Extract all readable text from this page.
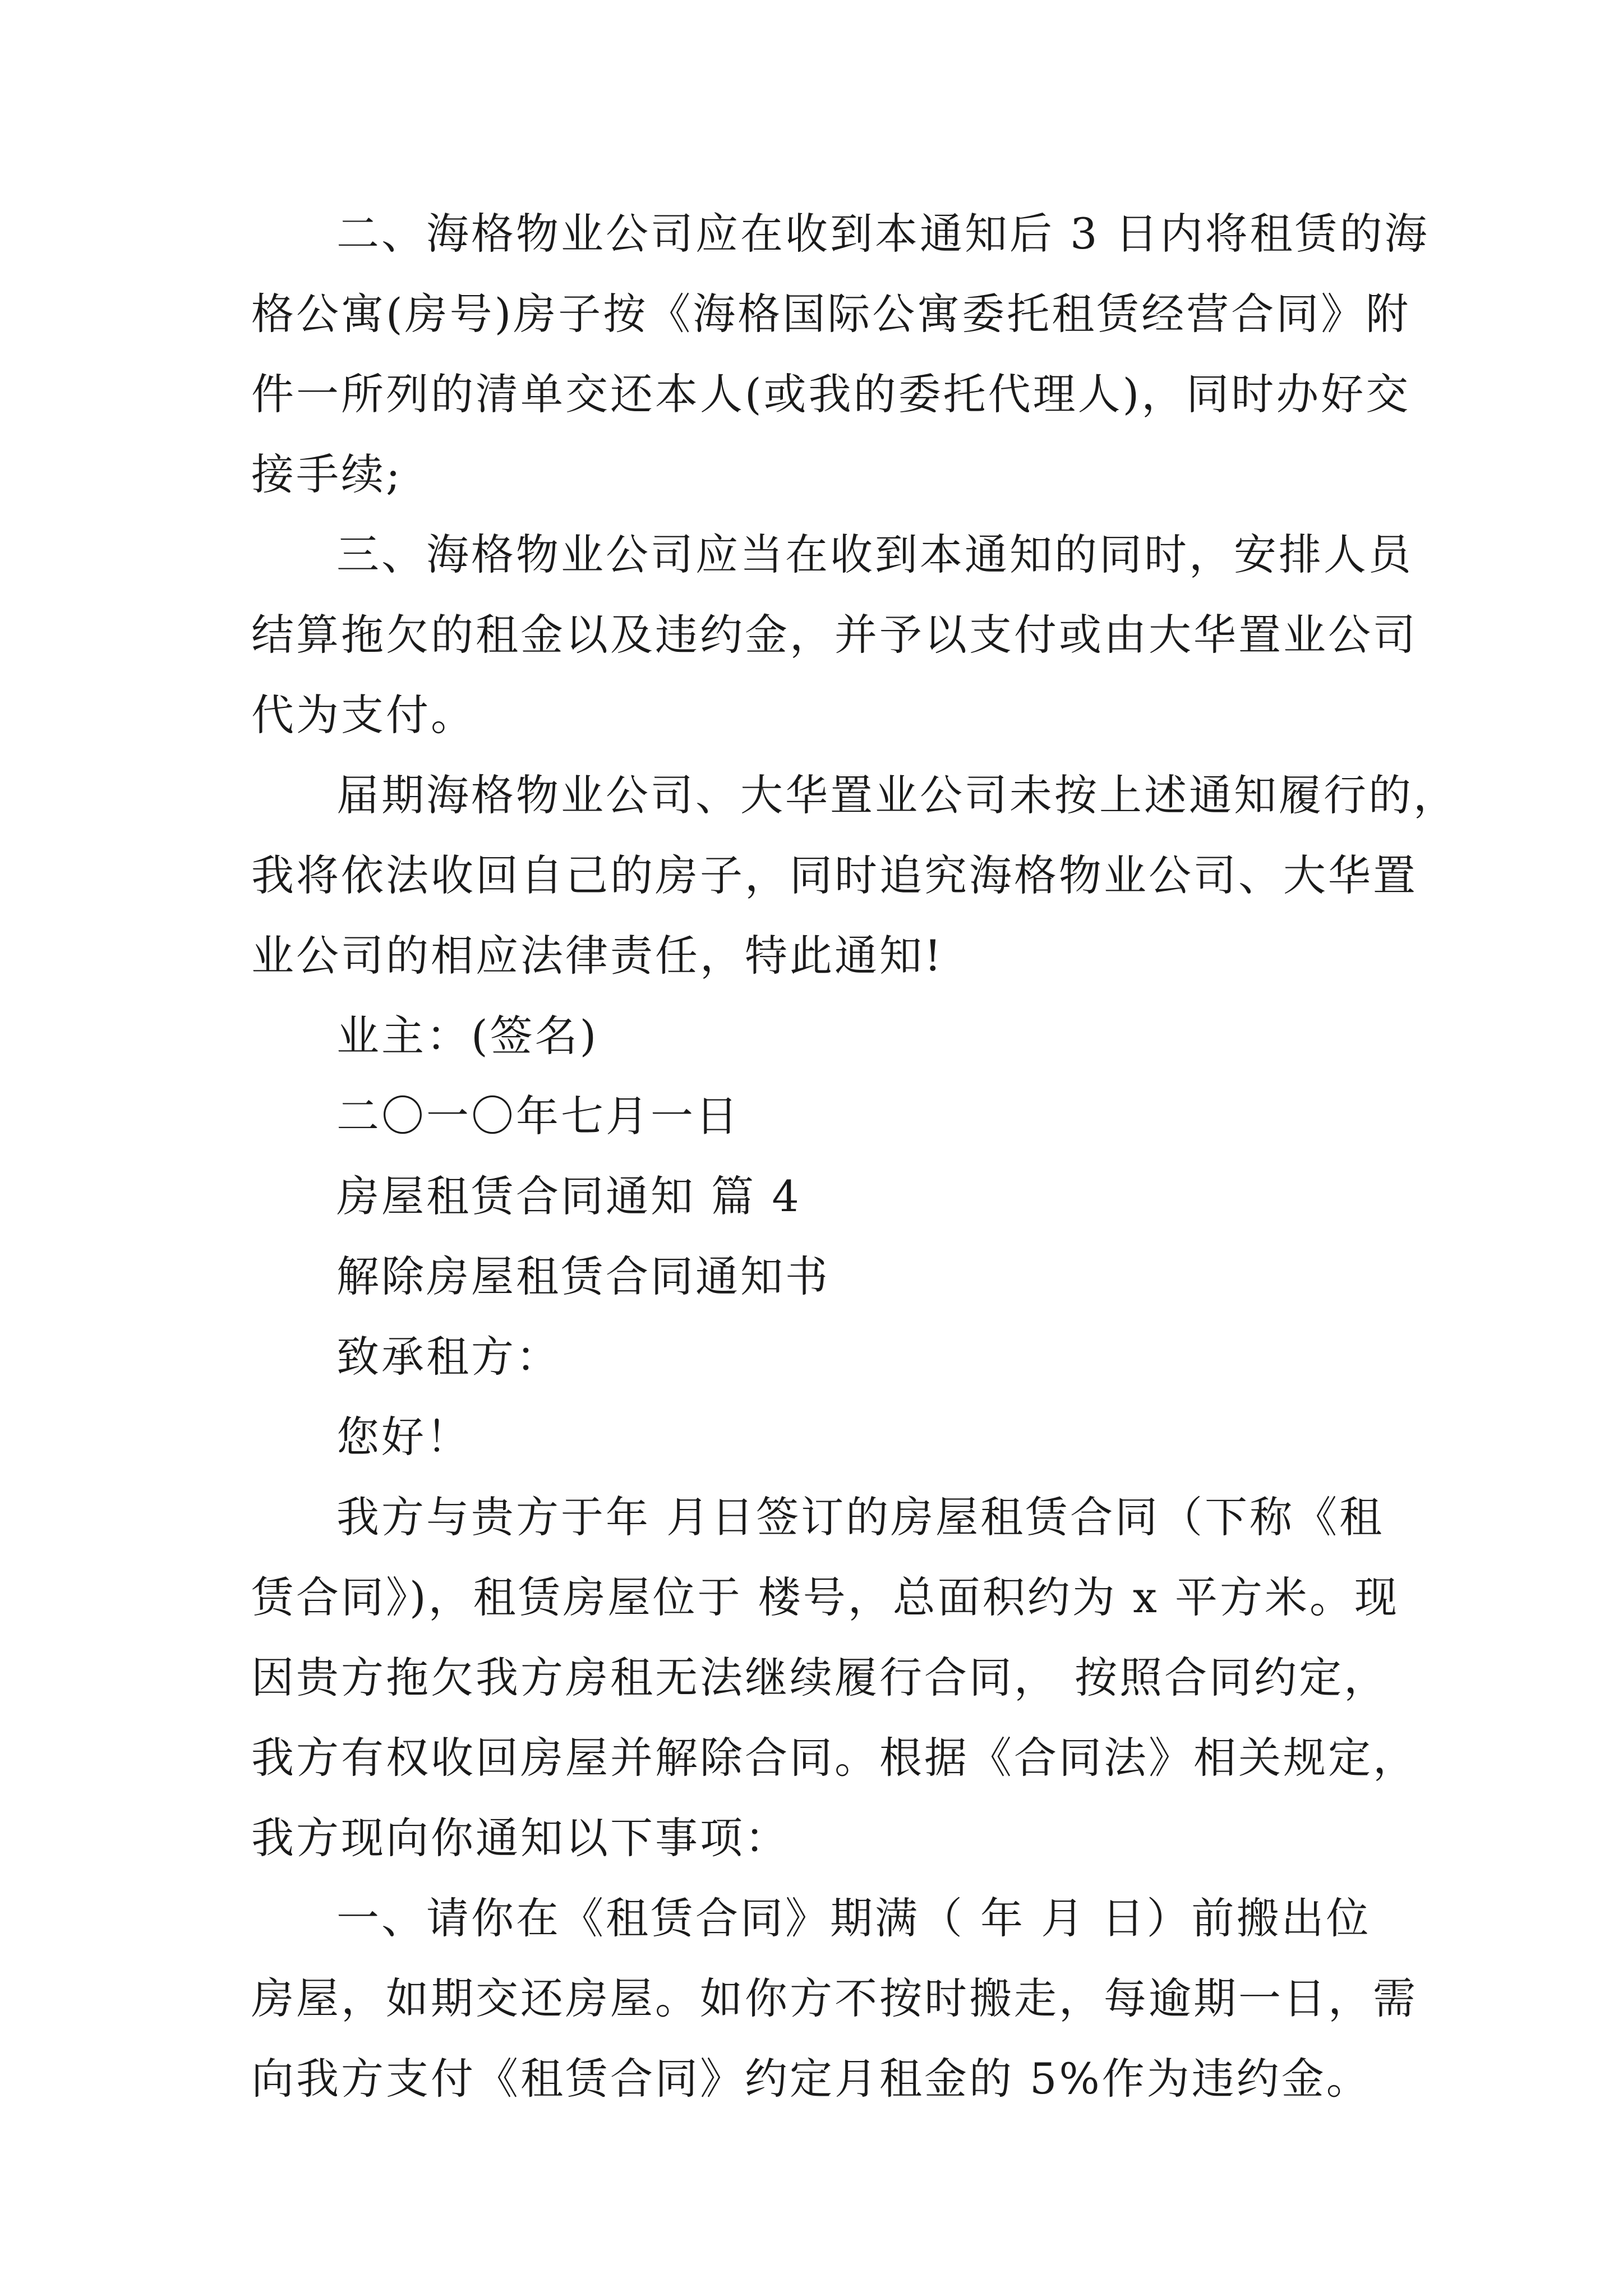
二、海格物业公司应在收到本通知后 3 日内将租赁的海

格公寓(房号)房子按《海格国际公寓委托租赁经营合同》附

件一所列的清单交还本人(或我的委托代理人)，同时办好交

接手续;

三、海格物业公司应当在收到本通知的同时，安排人员

结算拖欠的租金以及违约金，并予以支付或由大华置业公司

代为支付。

届期海格物业公司、大华置业公司未按上述通知履行的，

我将依法收回自己的房子，同时追究海格物业公司、大华置

业公司的相应法律责任，特此通知!

业主：(签名)

二〇一〇年七月一日

房屋租赁合同通知 篇 4

解除房屋租赁合同通知书

致承租方：

您好！

我方与贵方于年 月日签订的房屋租赁合同（下称《租

赁合同》)，租赁房屋位于 楼号，总面积约为 x 平方米。现

因贵方拖欠我方房租无法继续履行合同， 按照合同约定，

我方有权收回房屋并解除合同。根据《合同法》相关规定，

我方现向你通知以下事项：

一、请你在《租赁合同》期满（ 年 月 日）前搬出位

房屋，如期交还房屋。如你方不按时搬走，每逾期一日，需

向我方支付《租赁合同》约定月租金的 5%作为违约金。
